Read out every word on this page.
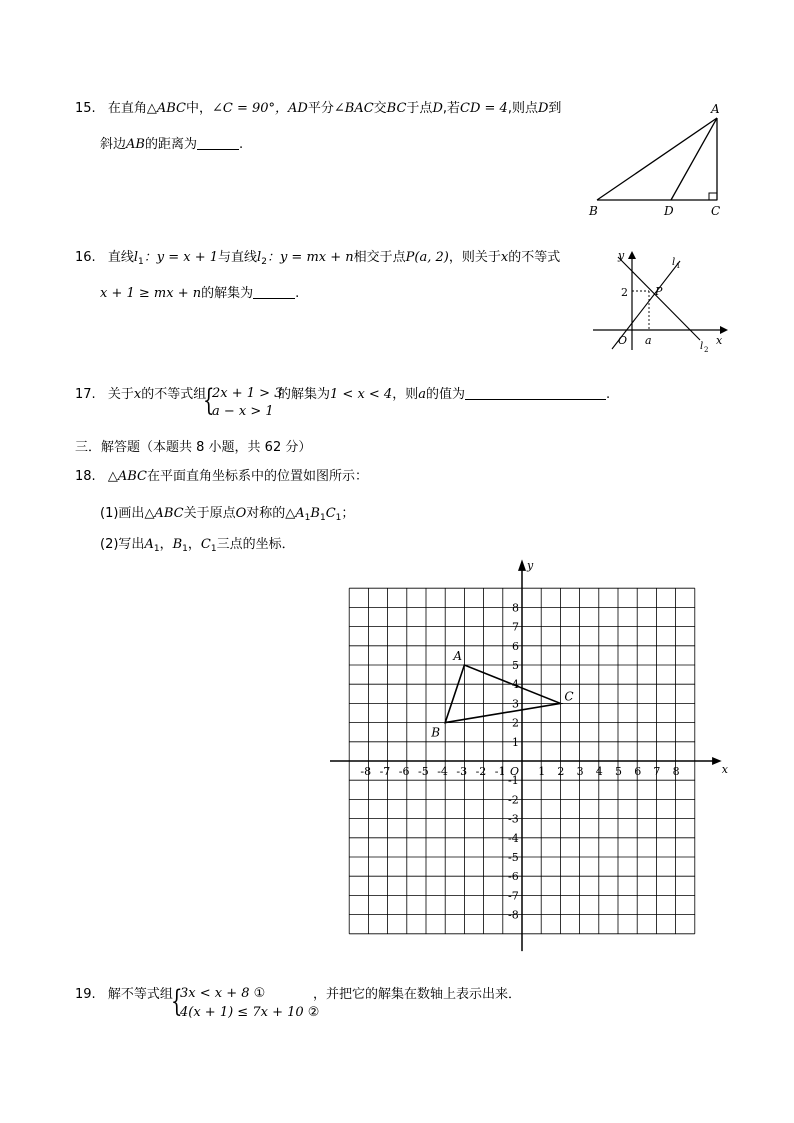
15. 在直角△ABC中，∠C = 90°，AD平分∠BAC交BC于点D,若CD = 4,则点D到
斜边AB的距离为	.
A
B	D	C
16. 直线$l_1$：y = x + 1与直线$l_2$：y = mx + n相交于点P(a, 2)，则关于x的不等式
x + 1 ≥ mx + n的解集为	.
y
2 P
O a	x
l 1
l 2
17. 关于x的不等式组
{
2x + 1 > 3
a − x > 1
的解集为1 < x < 4，则a的值为	.
三．解答题（本题共 8 小题，共 62 分）
18. △ABC在平面直角坐标系中的位置如图所示：
(1)画出△ABC关于原点O对称的$\triangle A_1B_1C_1$；
(2)写出$A_1$，$B_1$，$C_1$三点的坐标．
x
y
O
-8 -7 -6 -5 -4 -3 -2 -1	1 2 3 4 5 6 7 8
8
7
6
5
4
3
2
1
-1
-2
-3
-4
-5
-6
-7
-8
A
B
C
19. 解不等式组
{
3x < x + 8 ①
4(x + 1) ≤ 7x + 10 ②
，并把它的解集在数轴上表示出来．
